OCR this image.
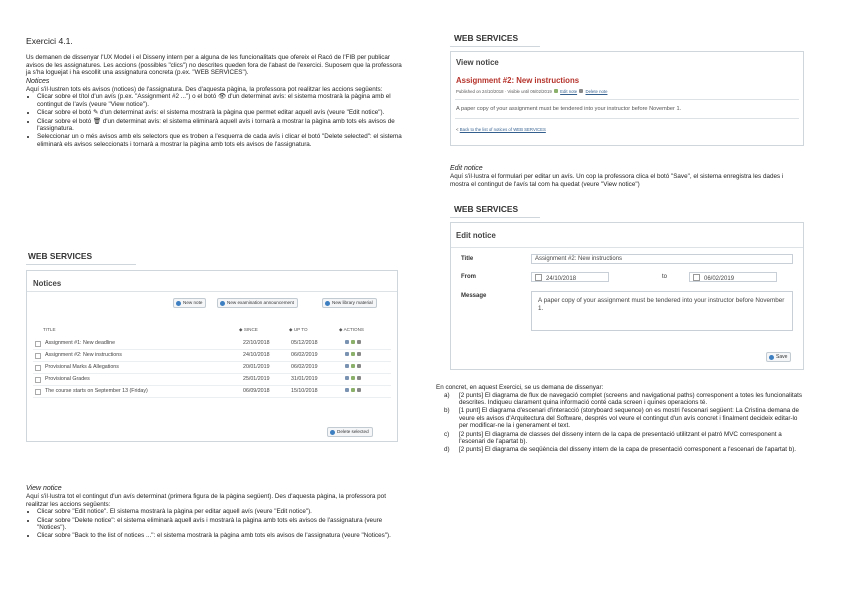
Exercici 4.1.

Us demanen de dissenyar l'UX Model i el Disseny intern per a alguna de les funcionalitats que ofereix el Racó de l'FIB per publicar avisos de les assignatures. Les accions (possibles "clics") no descrites queden fora de l'abast de l'exercici. Suposem que la professora ja s'ha loguejat i ha escollit una assignatura concreta (p.ex. "WEB SERVICES").

Notices

Aquí s'il·lustren tots els avisos (notices) de l'assignatura. Des d'aquesta pàgina, la professora pot realitzar les accions següents:

• Clicar sobre el títol d'un avís (p.ex. "Assignment #2 ...") o el botó 👁 d'un determinat avís: el sistema mostrarà la pàgina amb el contingut de l'avís (veure "View notice").
• Clicar sobre el botó ✎ d'un determinat avís: el sistema mostrarà la pàgina que permet editar aquell avís (veure "Edit notice").
• Clicar sobre el botó 🗑 d'un determinat avís: el sistema eliminarà aquell avís i tornarà a mostrar la pàgina amb tots els avisos de l'assignatura.
• Seleccionar un o més avisos amb els selectors que es troben a l'esquerra de cada avís i clicar el botó "Delete selected": el sistema eliminarà els avisos seleccionats i tornarà a mostrar la pàgina amb tots els avisos de l'assignatura.
WEB SERVICES
Notices
New note	New examination announcement	New library material
TITLE	◆ SINCE	◆ UP TO	◆ ACTIONS
Assignment #1: New deadline	22/10/2018	05/12/2018
Assignment #2: New instructions	24/10/2018	06/02/2019
Provisional Marks & Allegations	20/01/2019	06/02/2019
Provisional Grades	25/01/2019	31/01/2019
The course starts on September 13 (Friday)	06/09/2018	15/10/2018
Delete selected

View notice

Aquí s'il·lustra tot el contingut d'un avís determinat (primera figura de la pàgina següent). Des d'aquesta pàgina, la professora pot realitzar les accions següents:

• Clicar sobre "Edit notice". El sistema mostrarà la pàgina per editar aquell avís (veure "Edit notice").
• Clicar sobre "Delete notice": el sistema eliminarà aquell avís i mostrarà la pàgina amb tots els avisos de l'assignatura (veure "Notices").
• Clicar sobre "Back to the list of notices ...": el sistema mostrarà la pàgina amb tots els avisos de l'assignatura (veure "Notices").
WEB SERVICES
View notice
Assignment #2: New instructions
Published on 24/10/2018 · Visible until 06/02/2019 Edit note Delete note
A paper copy of your assignment must be tendered into your instructor before November 1.
< Back to the list of notices of WEB SERVICES

Edit notice

Aquí s'il·lustra el formulari per editar un avís. Un cop la professora clica el botó "Save", el sistema enregistra les dades i mostra el contingut de l'avís tal com ha quedat (veure "View notice")

WEB SERVICES
Edit notice
Title	Assignment #2: New instructions
From	24/10/2018	to	06/02/2019
Message
A paper copy of your assignment must be tendered into your instructor before November 1.
Save

En concret, en aquest Exercici, se us demana de dissenyar:

a) [2 punts] El diagrama de flux de navegació complet (screens and navigational paths) corresponent a totes les funcionalitats descrites. Indiqueu clarament quina informació conté cada screen i quines operacions té.
b) [1 punt] El diagrama d'escenari d'interacció (storyboard sequence) on es mostri l'escenari següent: La Cristina demana de veure els avisos d'Arquitectura del Software, després vol veure el contingut d'un avís concret i finalment decideix editar-lo per modificar-ne la i generament el text.
c) [2 punts] El diagrama de classes del disseny intern de la capa de presentació utilitzant el patró MVC corresponent a l'escenari de l'apartat b).
d) [2 punts] El diagrama de seqüència del disseny intern de la capa de presentació corresponent a l'escenari de l'apartat b).
